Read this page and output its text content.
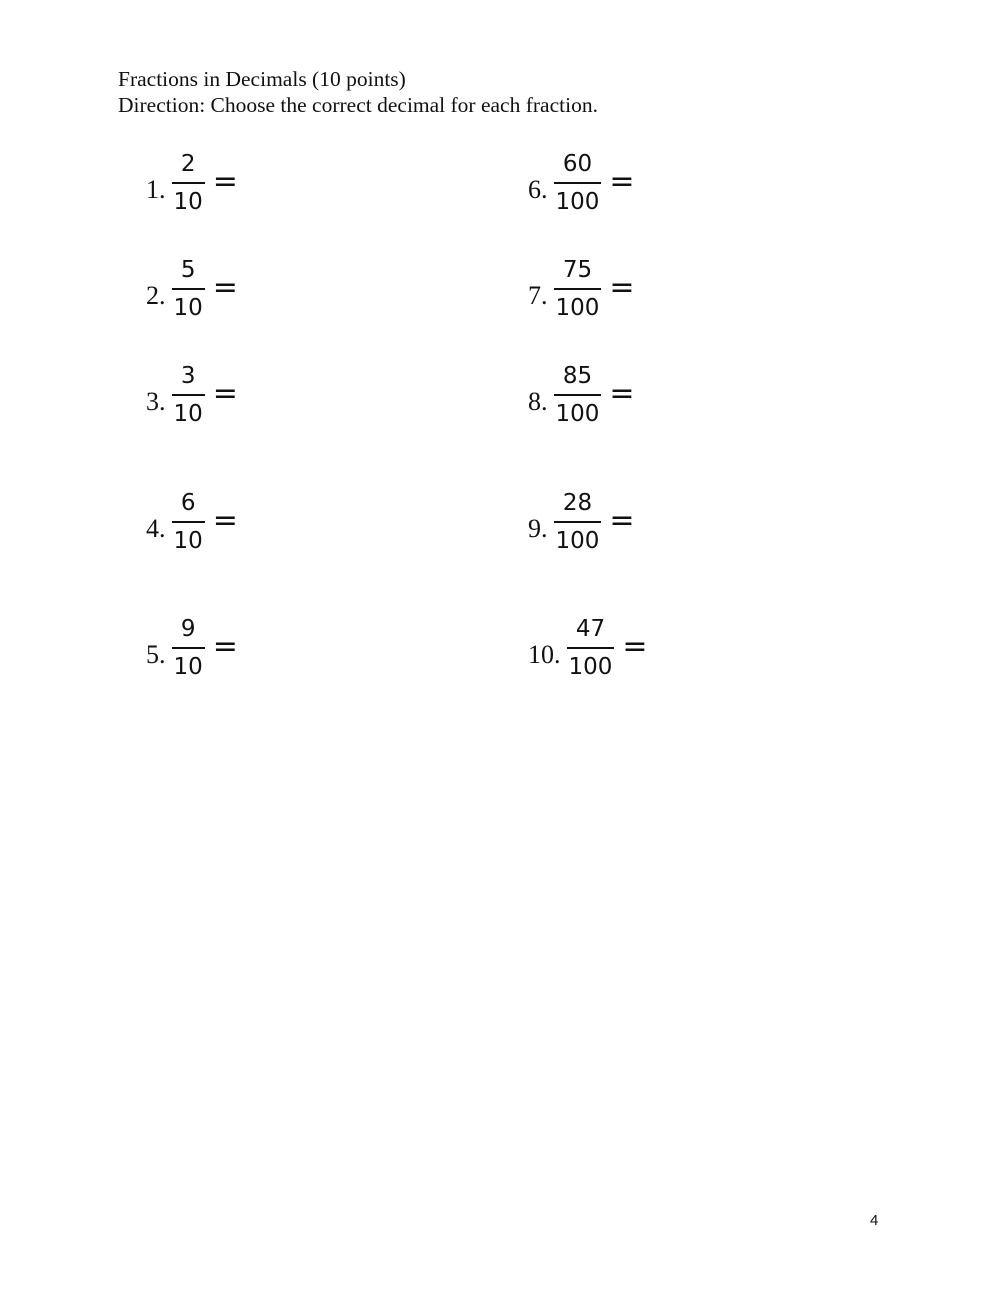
Fractions in Decimals (10 points)
Direction: Choose the correct decimal for each fraction.
1. $\frac{2}{10}$ =
2. $\frac{5}{10}$ =
3. $\frac{3}{10}$ =
4. $\frac{6}{10}$ =
5. $\frac{9}{10}$ =
6. $\frac{60}{100}$ =
7. $\frac{75}{100}$ =
8. $\frac{85}{100}$ =
9. $\frac{28}{100}$ =
10. $\frac{47}{100}$ =
4
